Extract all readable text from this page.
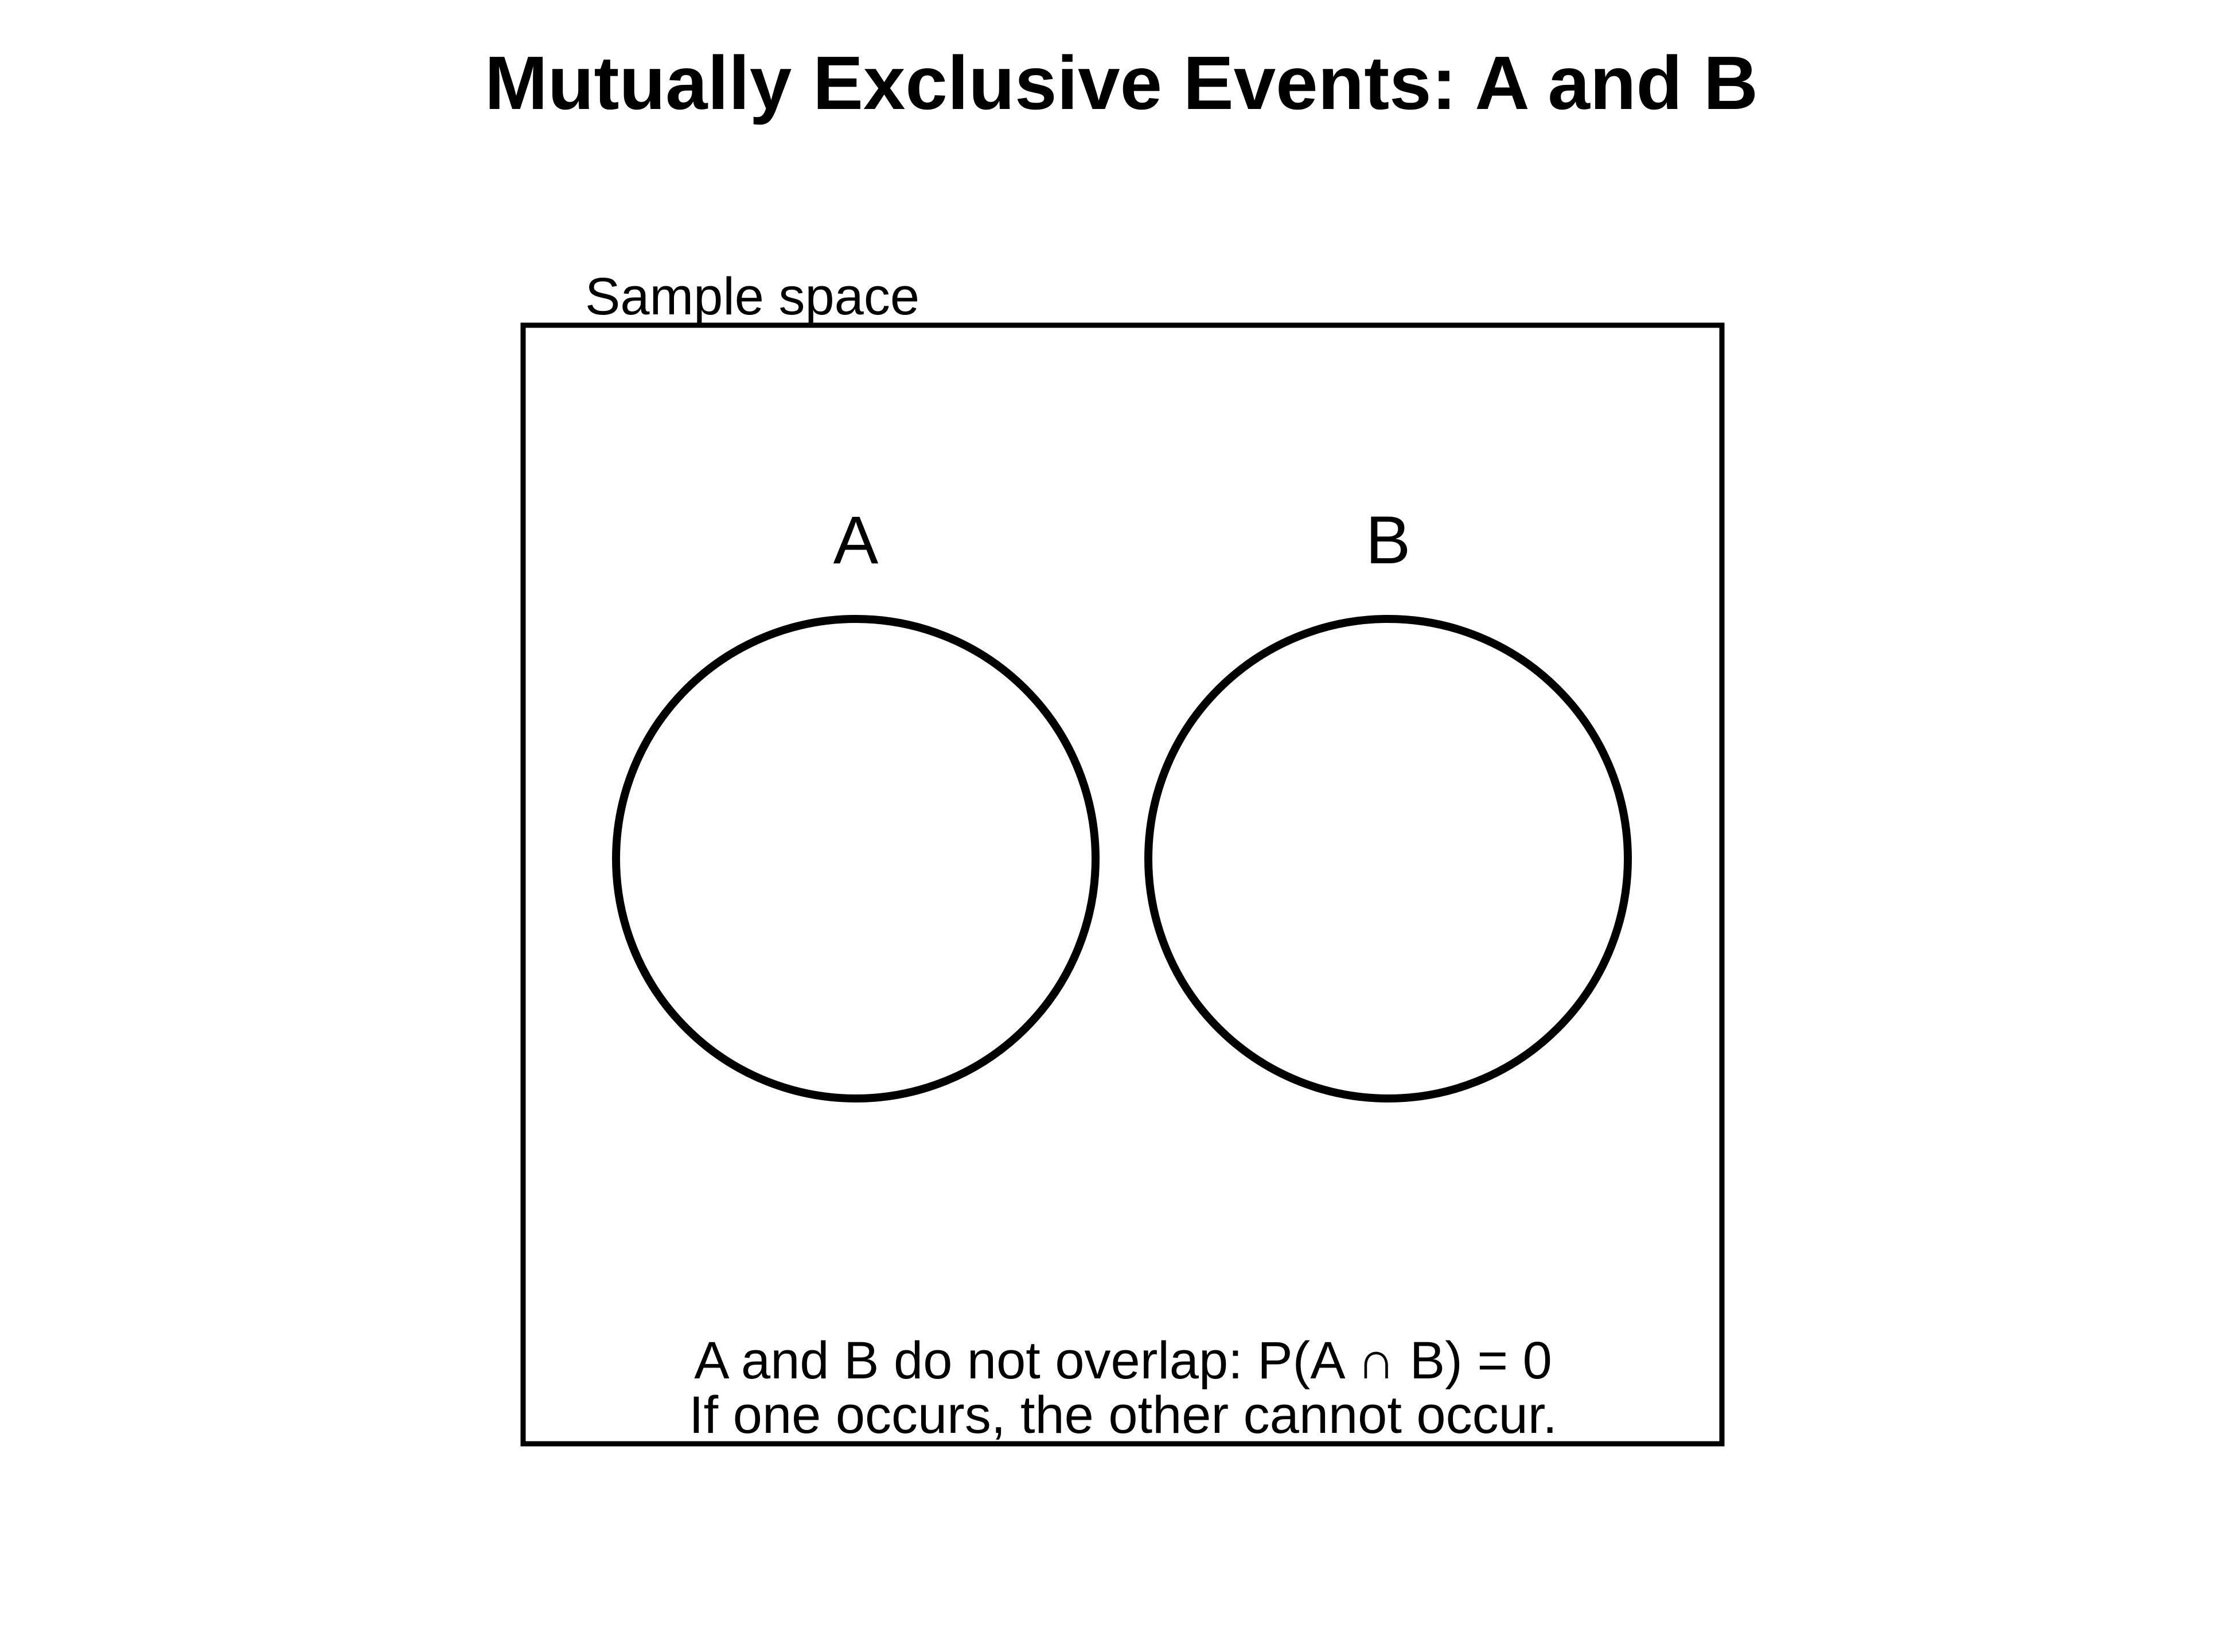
Mutually Exclusive Events: A and B
Sample space
A	B
A and B do not overlap: P(A ∩ B) = 0
If one occurs, the other cannot occur.
